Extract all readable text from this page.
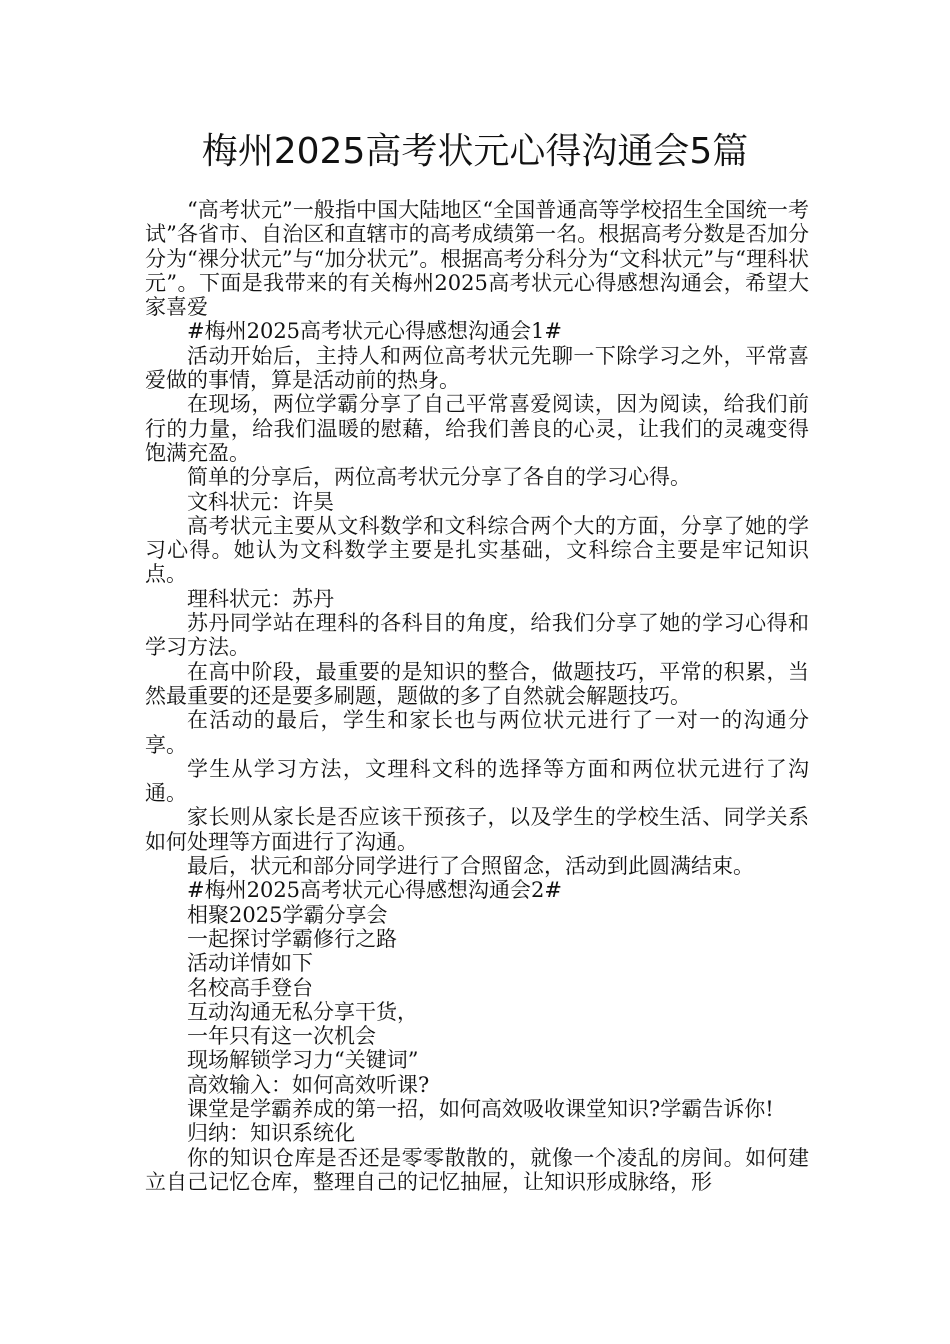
梅州2025高考状元心得沟通会5篇

“高考状元”一般指中国大陆地区“全国普通高等学校招生全国统一考试”各省市、自治区和直辖市的高考成绩第一名。根据高考分数是否加分分为“裸分状元”与“加分状元”。根据高考分科分为“文科状元”与“理科状元”。下面是我带来的有关梅州2025高考状元心得感想沟通会，希望大家喜爱

#梅州2025高考状元心得感想沟通会1#

活动开始后，主持人和两位高考状元先聊一下除学习之外，平常喜爱做的事情，算是活动前的热身。

在现场，两位学霸分享了自己平常喜爱阅读，因为阅读，给我们前行的力量，给我们温暖的慰藉，给我们善良的心灵，让我们的灵魂变得饱满充盈。

简单的分享后，两位高考状元分享了各自的学习心得。

文科状元：许昊

高考状元主要从文科数学和文科综合两个大的方面，分享了她的学习心得。她认为文科数学主要是扎实基础，文科综合主要是牢记知识点。

理科状元：苏丹

苏丹同学站在理科的各科目的角度，给我们分享了她的学习心得和学习方法。

在高中阶段，最重要的是知识的整合，做题技巧，平常的积累，当然最重要的还是要多刷题，题做的多了自然就会解题技巧。

在活动的最后，学生和家长也与两位状元进行了一对一的沟通分享。

学生从学习方法，文理科文科的选择等方面和两位状元进行了沟通。

家长则从家长是否应该干预孩子，以及学生的学校生活、同学关系如何处理等方面进行了沟通。

最后，状元和部分同学进行了合照留念，活动到此圆满结束。

#梅州2025高考状元心得感想沟通会2#

相聚2025学霸分享会

一起探讨学霸修行之路

活动详情如下

名校高手登台

互动沟通无私分享干货，

一年只有这一次机会

现场解锁学习力“关键词”

高效输入：如何高效听课?

课堂是学霸养成的第一招，如何高效吸收课堂知识?学霸告诉你!

归纳：知识系统化

你的知识仓库是否还是零零散散的，就像一个凌乱的房间。如何建立自己记忆仓库，整理自己的记忆抽屉，让知识形成脉络，形
